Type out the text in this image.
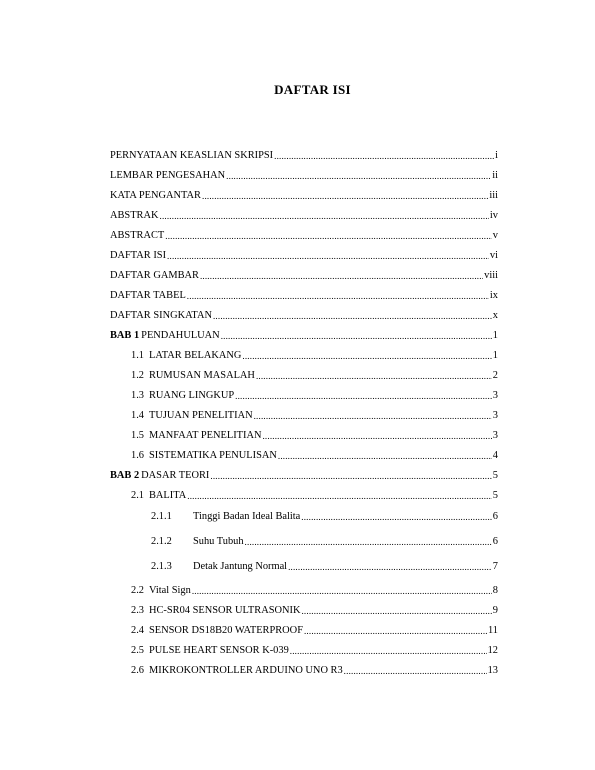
DAFTAR ISI
PERNYATAAN KEASLIAN SKRIPSI .....	i
LEMBAR PENGESAHAN .....	ii
KATA PENGANTAR .....	iii
ABSTRAK .....	iv
ABSTRACT .....	v
DAFTAR ISI .....	vi
DAFTAR GAMBAR .....	viii
DAFTAR TABEL .....	ix
DAFTAR SINGKATAN .....	x
BAB 1 PENDAHULUAN .....	1
1.1 LATAR BELAKANG .....	1
1.2 RUMUSAN MASALAH .....	2
1.3 RUANG LINGKUP .....	3
1.4 TUJUAN PENELITIAN .....	3
1.5 MANFAAT PENELITIAN .....	3
1.6 SISTEMATIKA PENULISAN .....	4
BAB 2 DASAR TEORI .....	5
2.1 BALITA .....	5
2.1.1	Tinggi Badan Ideal Balita .....	6
2.1.2	Suhu Tubuh .....	6
2.1.3	Detak Jantung Normal .....	7
2.2 Vital Sign .....	8
2.3 HC-SR04 SENSOR ULTRASONIK .....	9
2.4 SENSOR DS18B20 WATERPROOF .....	11
2.5 PULSE HEART SENSOR K-039 .....	12
2.6 MIKROKONTROLLER ARDUINO UNO R3 .....	13
